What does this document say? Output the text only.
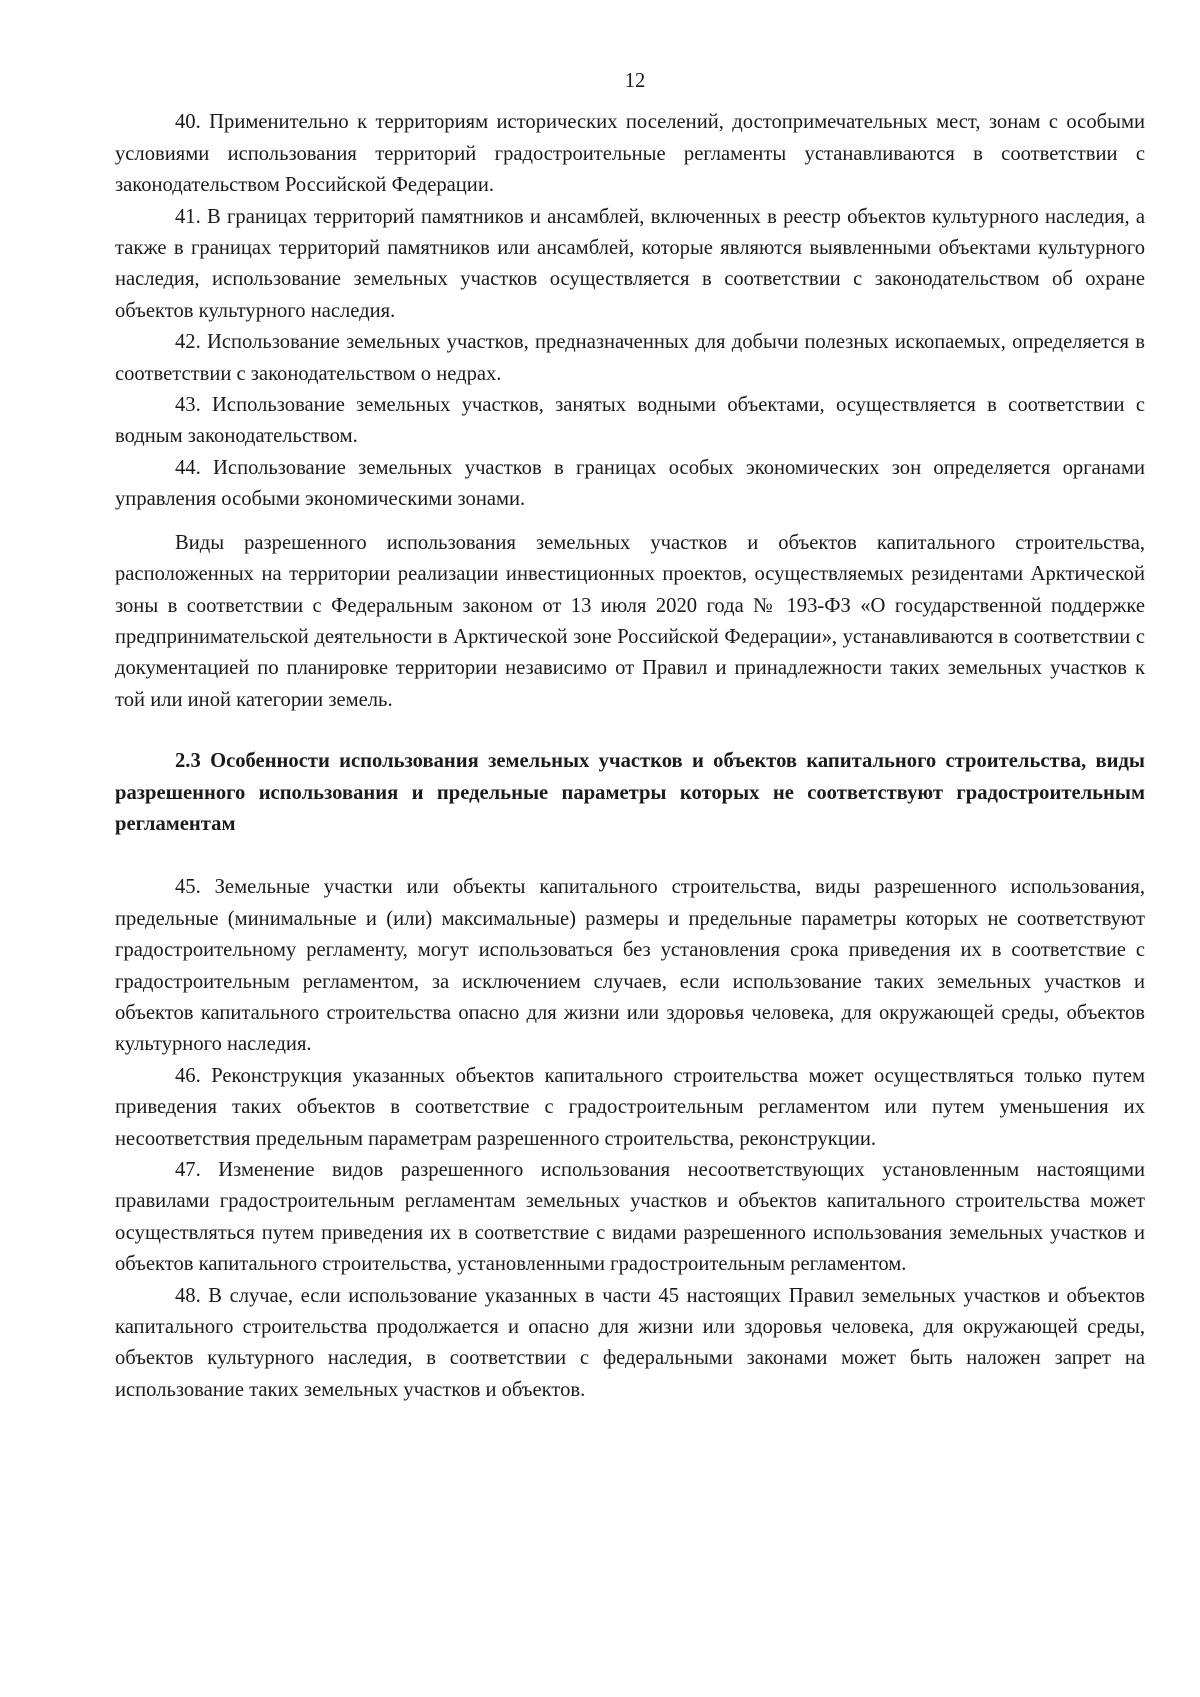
12

40. Применительно к территориям исторических поселений, достопримечательных мест, зонам с особыми условиями использования территорий градостроительные регламенты устанавливаются в соответствии с законодательством Российской Федерации.

41. В границах территорий памятников и ансамблей, включенных в реестр объектов культурного наследия, а также в границах территорий памятников или ансамблей, которые являются выявленными объектами культурного наследия, использование земельных участков осуществляется в соответствии с законодательством об охране объектов культурного наследия.

42. Использование земельных участков, предназначенных для добычи полезных ископаемых, определяется в соответствии с законодательством о недрах.

43. Использование земельных участков, занятых водными объектами, осуществляется в соответствии с водным законодательством.

44. Использование земельных участков в границах особых экономических зон определяется органами управления особыми экономическими зонами.

Виды разрешенного использования земельных участков и объектов капитального строительства, расположенных на территории реализации инвестиционных проектов, осуществляемых резидентами Арктической зоны в соответствии с Федеральным законом от 13 июля 2020 года № 193-ФЗ «О государственной поддержке предпринимательской деятельности в Арктической зоне Российской Федерации», устанавливаются в соответствии с документацией по планировке территории независимо от Правил и принадлежности таких земельных участков к той или иной категории земель.

2.3 Особенности использования земельных участков и объектов капитального строительства, виды разрешенного использования и предельные параметры которых не соответствуют градостроительным регламентам

45. Земельные участки или объекты капитального строительства, виды разрешенного использования, предельные (минимальные и (или) максимальные) размеры и предельные параметры которых не соответствуют градостроительному регламенту, могут использоваться без установления срока приведения их в соответствие с градостроительным регламентом, за исключением случаев, если использование таких земельных участков и объектов капитального строительства опасно для жизни или здоровья человека, для окружающей среды, объектов культурного наследия.

46. Реконструкция указанных объектов капитального строительства может осуществляться только путем приведения таких объектов в соответствие с градостроительным регламентом или путем уменьшения их несоответствия предельным параметрам разрешенного строительства, реконструкции.

47. Изменение видов разрешенного использования несоответствующих установленным настоящими правилами градостроительным регламентам земельных участков и объектов капитального строительства может осуществляться путем приведения их в соответствие с видами разрешенного использования земельных участков и объектов капитального строительства, установленными градостроительным регламентом.

48. В случае, если использование указанных в части 45 настоящих Правил земельных участков и объектов капитального строительства продолжается и опасно для жизни или здоровья человека, для окружающей среды, объектов культурного наследия, в соответствии с федеральными законами может быть наложен запрет на использование таких земельных участков и объектов.
